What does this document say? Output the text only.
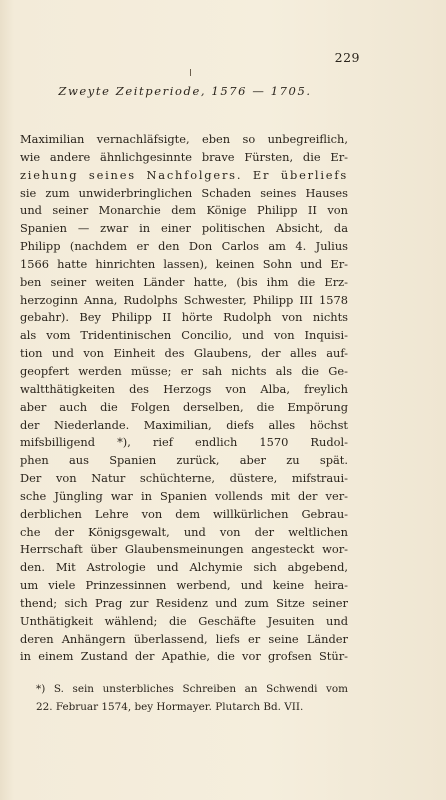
229
Zweyte Zeitperiode, 1576 — 1705.
Maximilian vernachläfsigte, eben so unbegreiflich,
wie andere ähnlichgesinnte brave Fürsten, die Er-
ziehung seines Nachfolgers. Er überliefs
sie zum unwiderbringlichen Schaden seines Hauses
und seiner Monarchie dem Könige Philipp II von
Spanien — zwar in einer politischen Absicht, da
Philipp (nachdem er den Don Carlos am 4. Julius
1566 hatte hinrichten lassen), keinen Sohn und Er-
ben seiner weiten Länder hatte, (bis ihm die Erz-
herzoginn Anna, Rudolphs Schwester, Philipp III 1578
gebahr). Bey Philipp II hörte Rudolph von nichts
als vom Tridentinischen Concilio, und von Inquisi-
tion und von Einheit des Glaubens, der alles auf-
geopfert werden müsse; er sah nichts als die Ge-
waltthätigkeiten des Herzogs von Alba, freylich
aber auch die Folgen derselben, die Empörung
der Niederlande. Maximilian, diefs alles höchst
mifsbilligend *), rief endlich 1570 Rudol-
phen aus Spanien zurück, aber zu spät.
Der von Natur schüchterne, düstere, mifstraui-
sche Jüngling war in Spanien vollends mit der ver-
derblichen Lehre von dem willkürlichen Gebrau-
che der Königsgewalt, und von der weltlichen
Herrschaft über Glaubensmeinungen angesteckt wor-
den. Mit Astrologie und Alchymie sich abgebend,
um viele Prinzessinnen werbend, und keine heira-
thend; sich Prag zur Residenz und zum Sitze seiner
Unthätigkeit wählend; die Geschäfte Jesuiten und
deren Anhängern überlassend, liefs er seine Länder
in einem Zustand der Apathie, die vor grofsen Stür-
*) S. sein unsterbliches Schreiben an Schwendi vom
22. Februar 1574, bey Hormayer. Plutarch Bd. VII.
